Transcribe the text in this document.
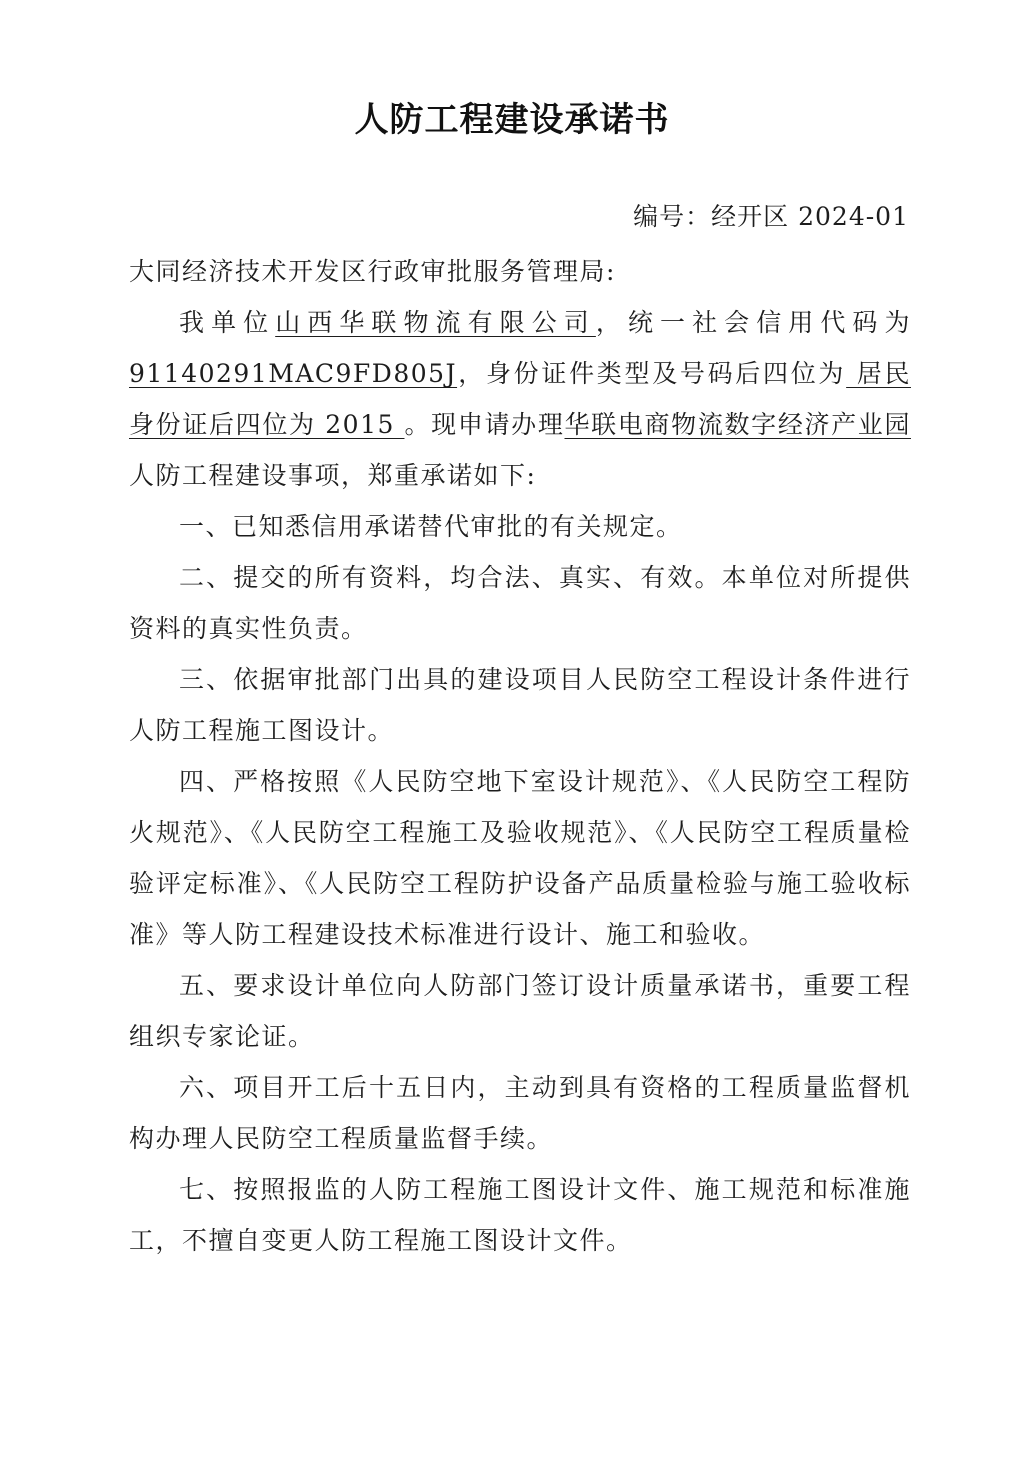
人防工程建设承诺书
编号：经开区 2024-01

大同经济技术开发区行政审批服务管理局:

我单位山西华联物流有限公司，统一社会信用代码为91140291MAC9FD805J，身份证件类型及号码后四位为 居民身份证后四位为 2015 。现申请办理华联电商物流数字经济产业园人防工程建设事项，郑重承诺如下:

一、已知悉信用承诺替代审批的有关规定。

二、提交的所有资料，均合法、真实、有效。本单位对所提供资料的真实性负责。

三、依据审批部门出具的建设项目人民防空工程设计条件进行人防工程施工图设计。

四、严格按照《人民防空地下室设计规范》、《人民防空工程防火规范》、《人民防空工程施工及验收规范》、《人民防空工程质量检验评定标准》、《人民防空工程防护设备产品质量检验与施工验收标准》等人防工程建设技术标准进行设计、施工和验收。

五、要求设计单位向人防部门签订设计质量承诺书，重要工程组织专家论证。

六、项目开工后十五日内，主动到具有资格的工程质量监督机构办理人民防空工程质量监督手续。

七、按照报监的人防工程施工图设计文件、施工规范和标准施工，不擅自变更人防工程施工图设计文件。
